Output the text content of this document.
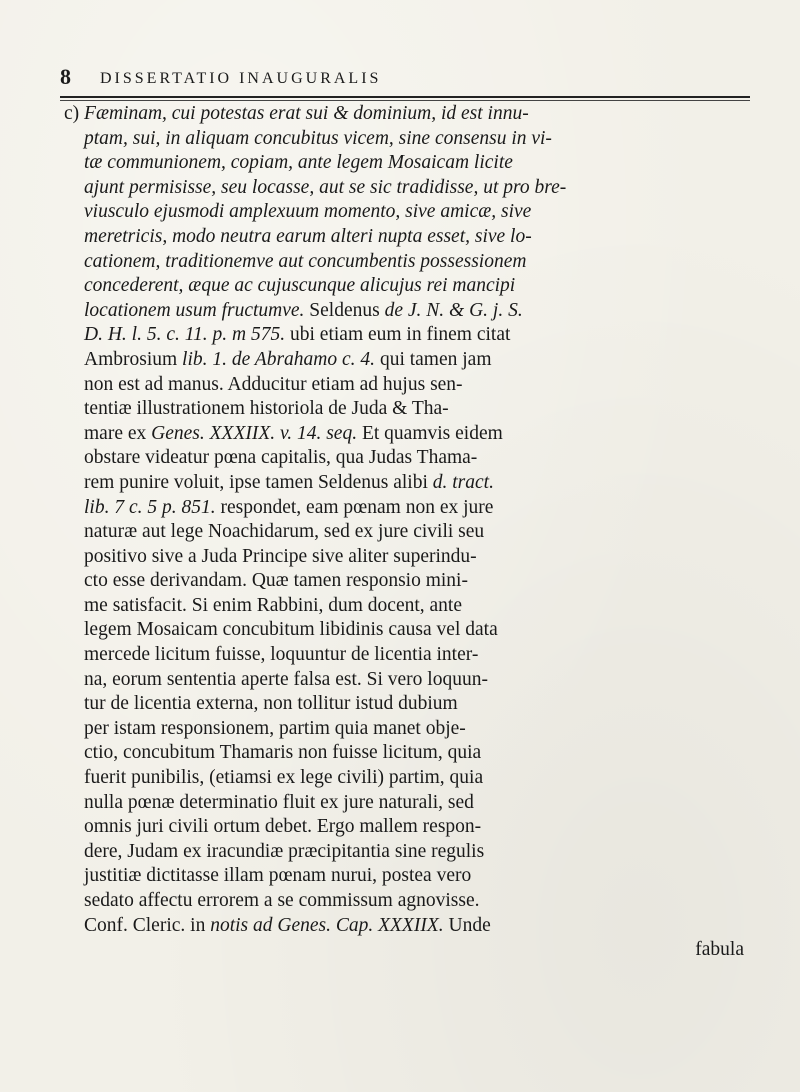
8 DISSERTATIO INAUGURALIS
c) Fæminam, cui potestas erat sui & dominium, id est innu-
ptam, sui, in aliquam concubitus vicem, sine consensu in vi-
tæ communionem, copiam, ante legem Mosaicam licite
ajunt permisisse, seu locasse, aut se sic tradidisse, ut pro bre-
viusculo ejusmodi amplexuum momento, sive amicæ, sive
meretricis, modo neutra earum alteri nupta esset, sive lo-
cationem, traditionemve aut concumbentis possessionem
concederent, æque ac cujuscunque alicujus rei mancipi
locationem usum fructumve. Seldenus de J. N. & G. j. S.
D. H. l. 5. c. 11. p. m 575. ubi etiam eum in finem citat
Ambrosium lib. 1. de Abrahamo c. 4. qui tamen jam
non est ad manus. Adducitur etiam ad hujus sen-
tentiæ illustrationem historiola de Juda & Tha-
mare ex Genes. XXXIIX. v. 14. seq. Et quamvis eidem
obstare videatur pœna capitalis, qua Judas Thama-
rem punire voluit, ipse tamen Seldenus alibi d. tract.
lib. 7 c. 5 p. 851. respondet, eam pœnam non ex jure
naturæ aut lege Noachidarum, sed ex jure civili seu
positivo sive a Juda Principe sive aliter superindu-
cto esse derivandam. Quæ tamen responsio mini-
me satisfacit. Si enim Rabbini, dum docent, ante
legem Mosaicam concubitum libidinis causa vel data
mercede licitum fuisse, loquuntur de licentia inter-
na, eorum sententia aperte falsa est. Si vero loquun-
tur de licentia externa, non tollitur istud dubium
per istam responsionem, partim quia manet obje-
ctio, concubitum Thamaris non fuisse licitum, quia
fuerit punibilis, (etiamsi ex lege civili) partim, quia
nulla pœnæ determinatio fluit ex jure naturali, sed
omnis juri civili ortum debet. Ergo mallem respon-
dere, Judam ex iracundiæ præcipitantia sine regulis
justitiæ dictitasse illam pœnam nurui, postea vero
sedato affectu errorem a se commissum agnovisse.
Conf. Cleric. in notis ad Genes. Cap. XXXIIX. Unde
fabula
